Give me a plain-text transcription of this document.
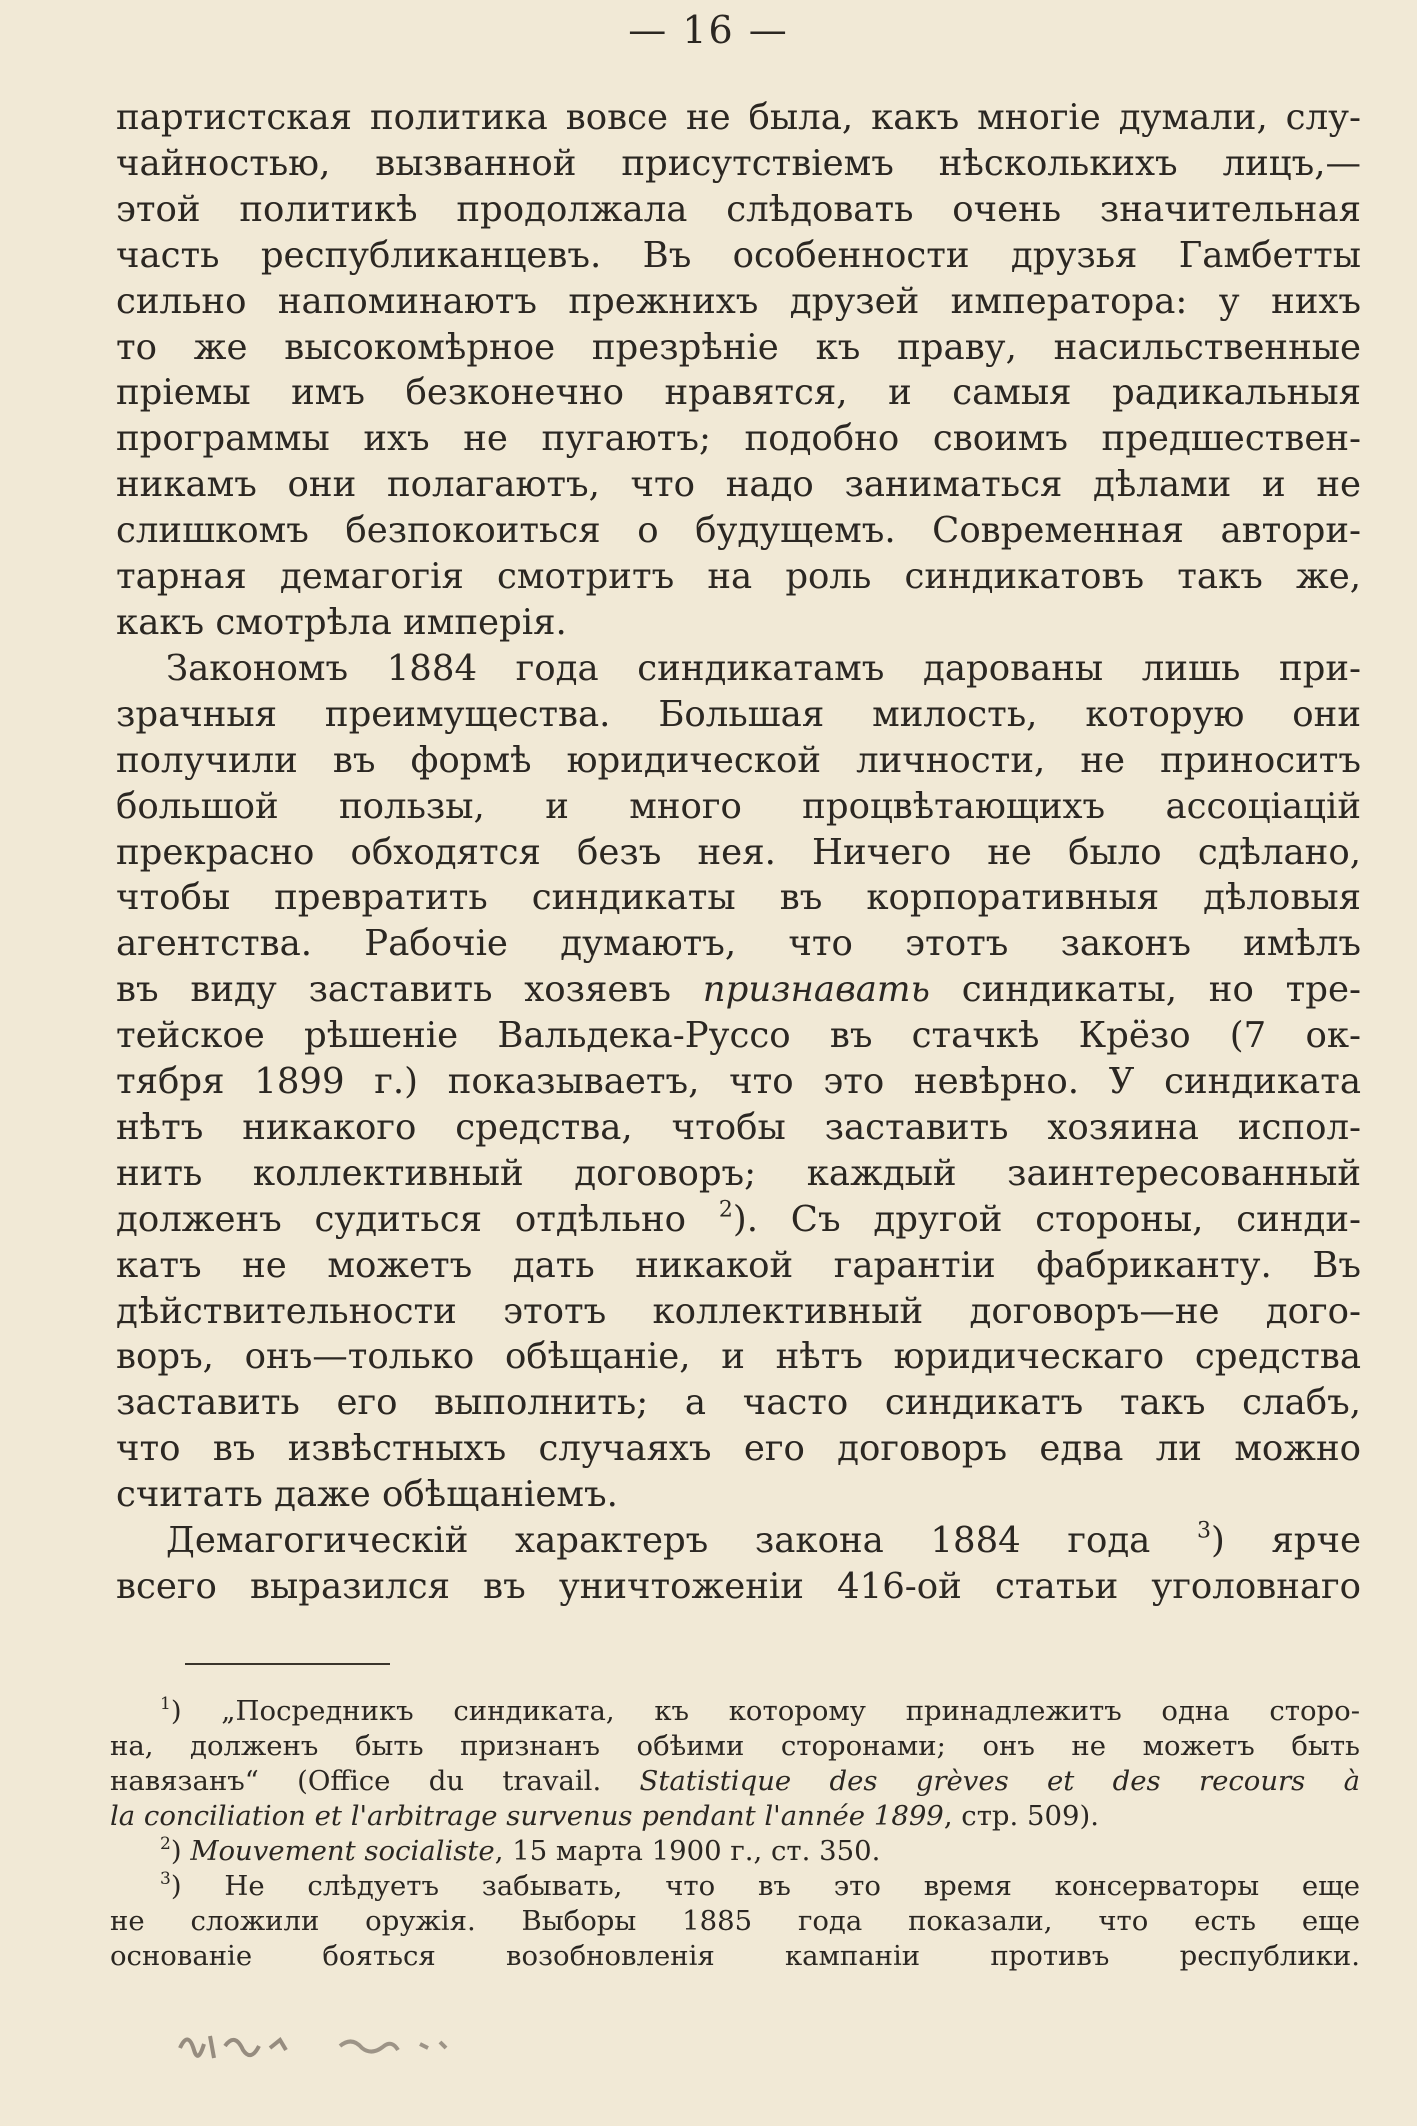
— 16 —

партистская политика вовсе не была, какъ многіе думали, слу-
чайностью, вызванной присутствіемъ нѣсколькихъ лицъ,—
этой политикѣ продолжала слѣдовать очень значительная
часть республиканцевъ. Въ особенности друзья Гамбетты
сильно напоминаютъ прежнихъ друзей императора: у нихъ
то же высокомѣрное презрѣніе къ праву, насильственные
пріемы имъ безконечно нравятся, и самыя радикальныя
программы ихъ не пугаютъ; подобно своимъ предшествен-
никамъ они полагаютъ, что надо заниматься дѣлами и не
слишкомъ безпокоиться о будущемъ. Современная автори-
тарная демагогія смотритъ на роль синдикатовъ такъ же,
какъ смотрѣла имперія.

Закономъ 1884 года синдикатамъ дарованы лишь при-
зрачныя преимущества. Большая милость, которую они
получили въ формѣ юридической личности, не приноситъ
большой пользы, и много процвѣтающихъ ассоціацій
прекрасно обходятся безъ нея. Ничего не было сдѣлано,
чтобы превратить синдикаты въ корпоративныя дѣловыя
агентства. Рабочіе думаютъ, что этотъ законъ имѣлъ
въ виду заставить хозяевъ признавать синдикаты, но тре-
тейское рѣшеніе Вальдека-Руссо въ стачкѣ Крёзо (7 ок-
тября 1899 г.) показываетъ, что это невѣрно. У синдиката
нѣтъ никакого средства, чтобы заставить хозяина испол-
нить коллективный договоръ; каждый заинтересованный
долженъ судиться отдѣльно $^2$). Съ другой стороны, синди-
катъ не можетъ дать никакой гарантіи фабриканту. Въ
дѣйствительности этотъ коллективный договоръ—не дого-
воръ, онъ—только обѣщаніе, и нѣтъ юридическаго средства
заставить его выполнить; а часто синдикатъ такъ слабъ,
что въ извѣстныхъ случаяхъ его договоръ едва ли можно
считать даже обѣщаніемъ.

Демагогическій характеръ закона 1884 года $^3$) ярче
всего выразился въ уничтоженіи 416-ой статьи уголовнаго

$^1$) „Посредникъ синдиката, къ которому принадлежитъ одна сторо-
на, долженъ быть признанъ обѣими сторонами; онъ не можетъ быть
навязанъ“ (Office du travail. Statistique des grèves et des recours à
la conciliation et l'arbitrage survenus pendant l'année 1899, стр. 509).

$^2$) Mouvement socialiste, 15 марта 1900 г., ст. 350.

$^3$) Не слѣдуетъ забывать, что въ это время консерваторы еще
не сложили оружія. Выборы 1885 года показали, что есть еще
основаніе бояться возобновленія кампаніи противъ республики.
